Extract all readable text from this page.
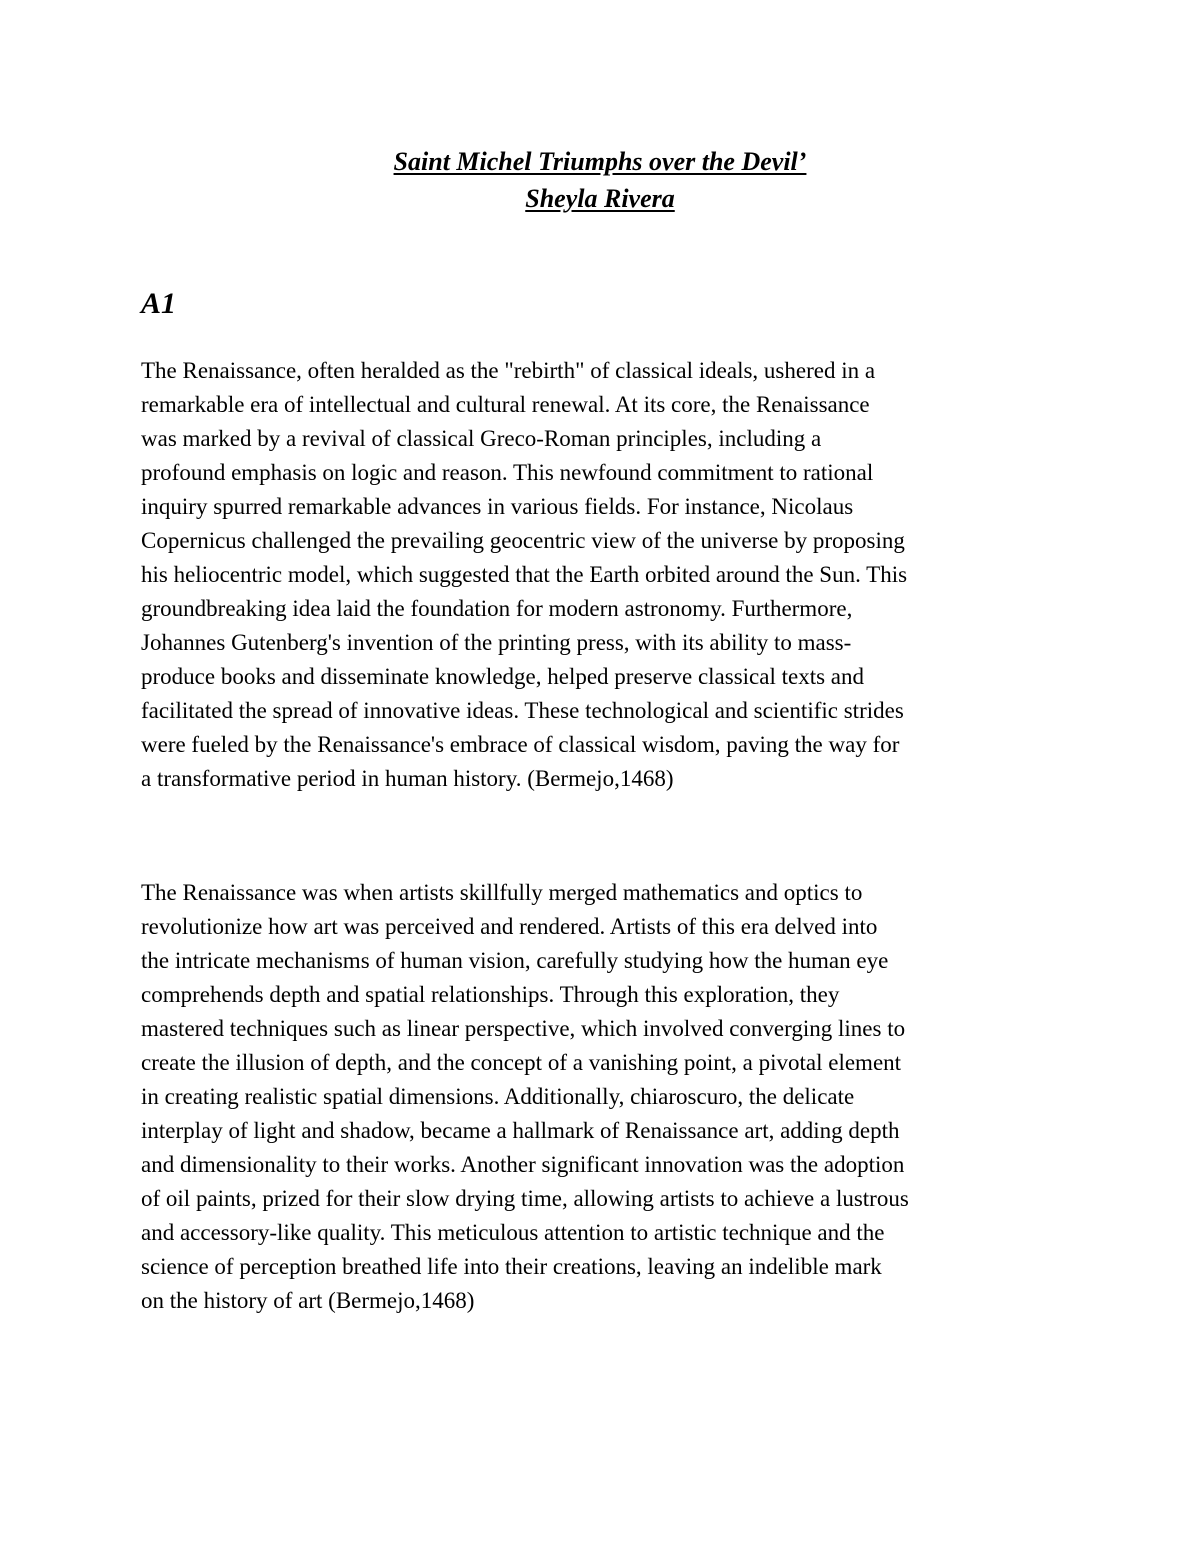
Saint Michel Triumphs over the Devil’
Sheyla Rivera
A1

The Renaissance, often heralded as the "rebirth" of classical ideals, ushered in a
remarkable era of intellectual and cultural renewal. At its core, the Renaissance
was marked by a revival of classical Greco-Roman principles, including a
profound emphasis on logic and reason. This newfound commitment to rational
inquiry spurred remarkable advances in various fields. For instance, Nicolaus
Copernicus challenged the prevailing geocentric view of the universe by proposing
his heliocentric model, which suggested that the Earth orbited around the Sun. This
groundbreaking idea laid the foundation for modern astronomy. Furthermore,
Johannes Gutenberg's invention of the printing press, with its ability to mass-
produce books and disseminate knowledge, helped preserve classical texts and
facilitated the spread of innovative ideas. These technological and scientific strides
were fueled by the Renaissance's embrace of classical wisdom, paving the way for
a transformative period in human history. (Bermejo,1468)

The Renaissance was when artists skillfully merged mathematics and optics to
revolutionize how art was perceived and rendered. Artists of this era delved into
the intricate mechanisms of human vision, carefully studying how the human eye
comprehends depth and spatial relationships. Through this exploration, they
mastered techniques such as linear perspective, which involved converging lines to
create the illusion of depth, and the concept of a vanishing point, a pivotal element
in creating realistic spatial dimensions. Additionally, chiaroscuro, the delicate
interplay of light and shadow, became a hallmark of Renaissance art, adding depth
and dimensionality to their works. Another significant innovation was the adoption
of oil paints, prized for their slow drying time, allowing artists to achieve a lustrous
and accessory-like quality. This meticulous attention to artistic technique and the
science of perception breathed life into their creations, leaving an indelible mark
on the history of art (Bermejo,1468)
